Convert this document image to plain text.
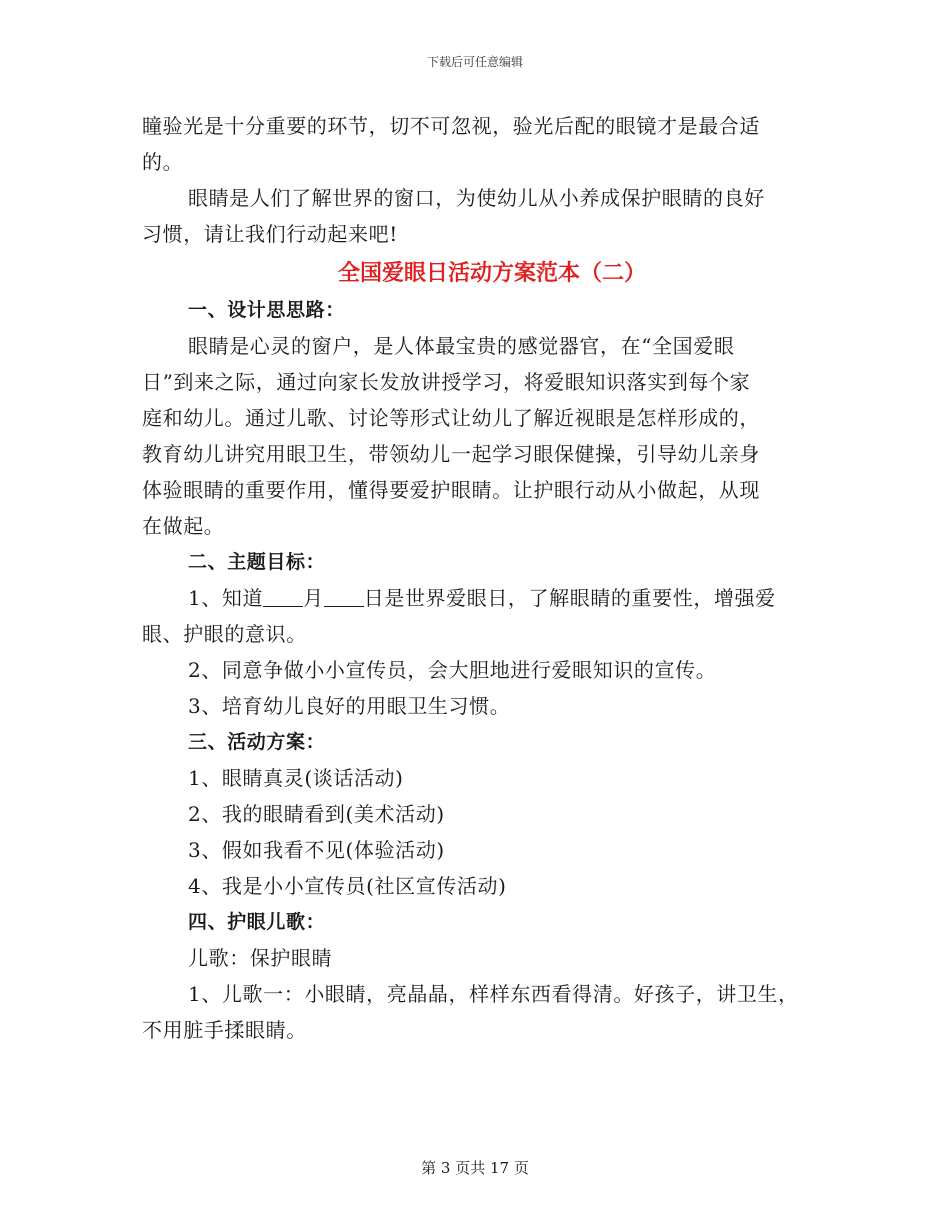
下载后可任意编辑
瞳验光是十分重要的环节，切不可忽视，验光后配的眼镜才是最合适
的。
眼睛是人们了解世界的窗口，为使幼儿从小养成保护眼睛的良好
习惯，请让我们行动起来吧!
全国爱眼日活动方案范本（二）
一、设计思思路：
眼睛是心灵的窗户，是人体最宝贵的感觉器官，在“全国爱眼
日”到来之际，通过向家长发放讲授学习，将爱眼知识落实到每个家
庭和幼儿。通过儿歌、讨论等形式让幼儿了解近视眼是怎样形成的，
教育幼儿讲究用眼卫生，带领幼儿一起学习眼保健操，引导幼儿亲身
体验眼睛的重要作用，懂得要爱护眼睛。让护眼行动从小做起，从现
在做起。
二、主题目标：
1、知道 月 日是世界爱眼日，了解眼睛的重要性，增强爱
眼、护眼的意识。
2、同意争做小小宣传员，会大胆地进行爱眼知识的宣传。
3、培育幼儿良好的用眼卫生习惯。
三、活动方案：
1、眼睛真灵(谈话活动)
2、我的眼睛看到(美术活动)
3、假如我看不见(体验活动)
4、我是小小宣传员(社区宣传活动)
四、护眼儿歌：
儿歌：保护眼睛
1、儿歌一：小眼睛，亮晶晶，样样东西看得清。好孩子，讲卫生，
不用脏手揉眼睛。
第 3 页共 17 页
